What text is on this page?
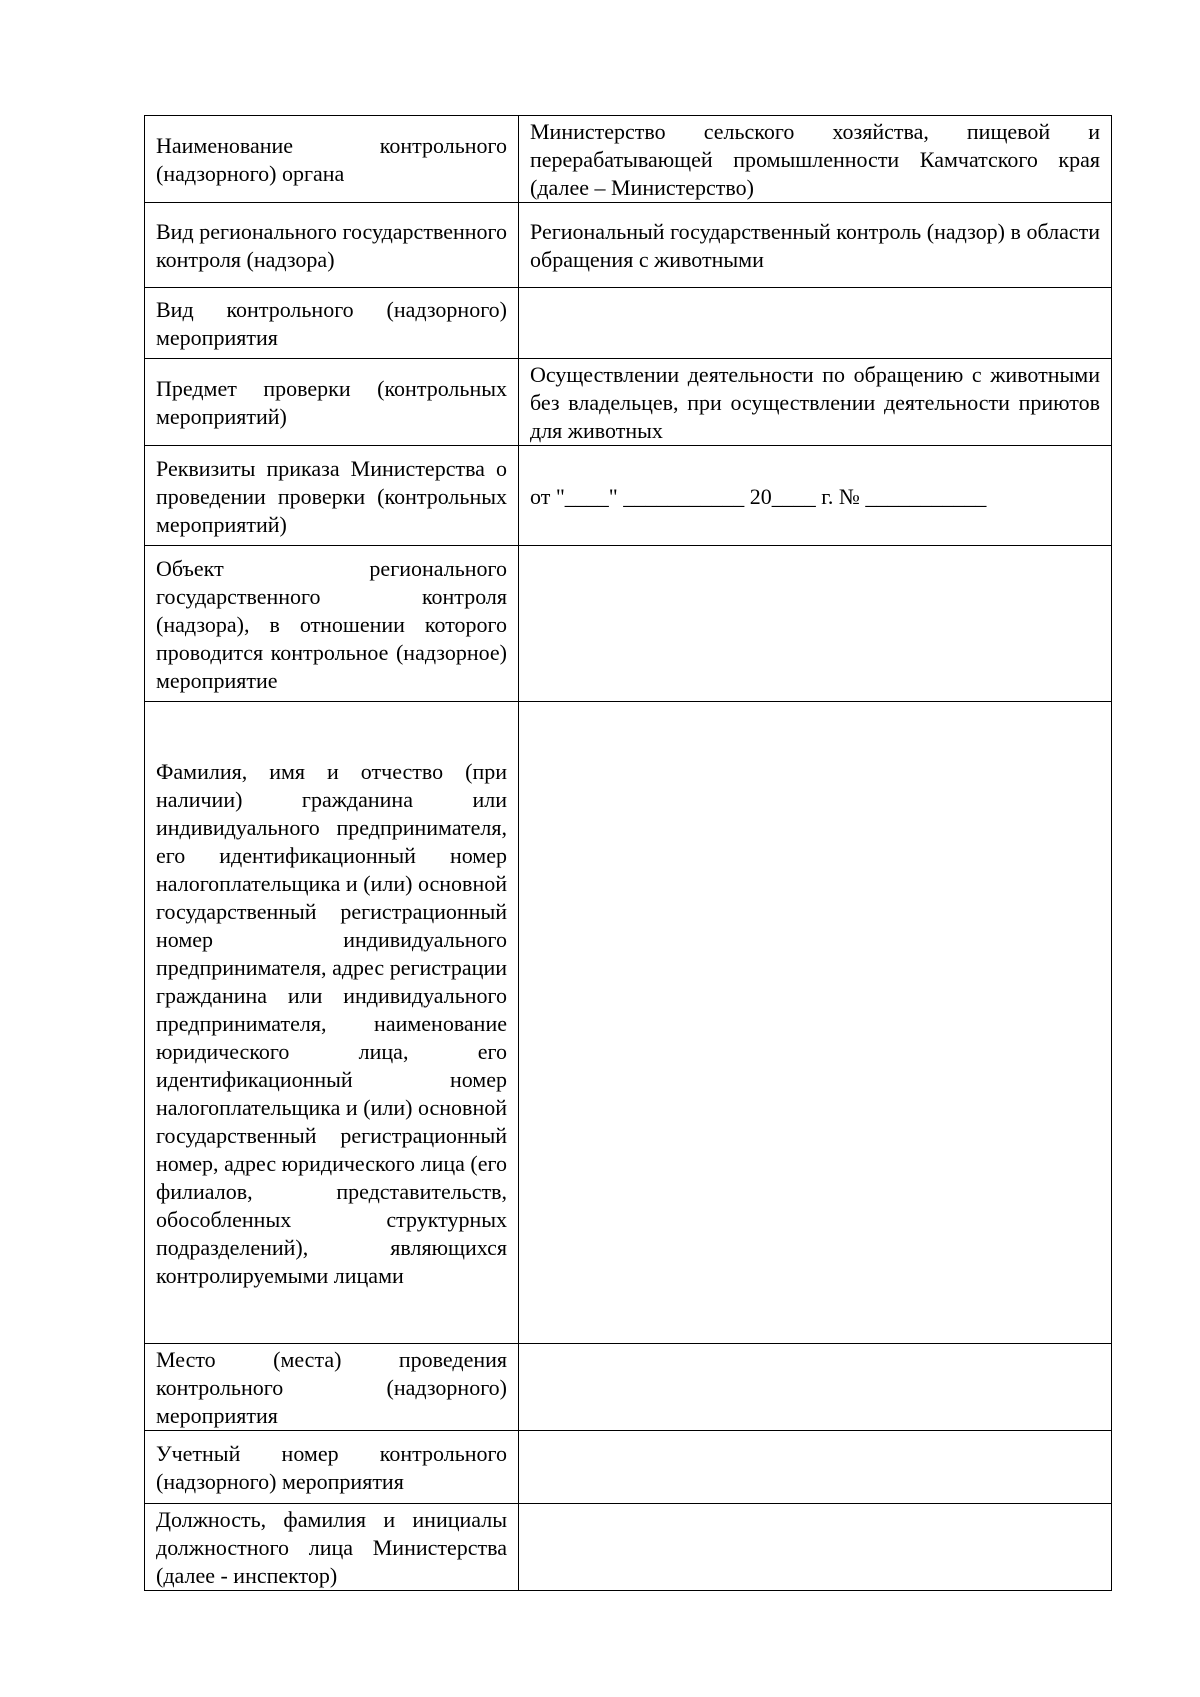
Наименование контрольного (надзорного) органа	Министерство сельского хозяйства, пищевой и перерабатывающей промышленности Камчатского края (далее – Министерство)

Вид регионального государственного контроля (надзора)	Региональный государственный контроль (надзор) в области обращения с животными

Вид контрольного (надзорного) мероприятия	

Предмет проверки (контрольных мероприятий)	Осуществлении деятельности по обращению с животными без владельцев, при осуществлении деятельности приютов для животных

Реквизиты приказа Министерства о проведении проверки (контрольных мероприятий)	от "____" ___________ 20____ г. № ___________

Объект регионального государственного контроля (надзора), в отношении которого проводится контрольное (надзорное) мероприятие	

Фамилия, имя и отчество (при наличии) гражданина или индивидуального предпринимателя, его идентификационный номер налогоплательщика и (или) основной государственный регистрационный номер индивидуального предпринимателя, адрес регистрации гражданина или индивидуального предпринимателя, наименование юридического лица, его идентификационный номер налогоплательщика и (или) основной государственный регистрационный номер, адрес юридического лица (его филиалов, представительств, обособленных структурных подразделений), являющихся контролируемыми лицами	

Место (места) проведения контрольного (надзорного) мероприятия	

Учетный номер контрольного (надзорного) мероприятия	

Должность, фамилия и инициалы должностного лица Министерства (далее - инспектор)	
